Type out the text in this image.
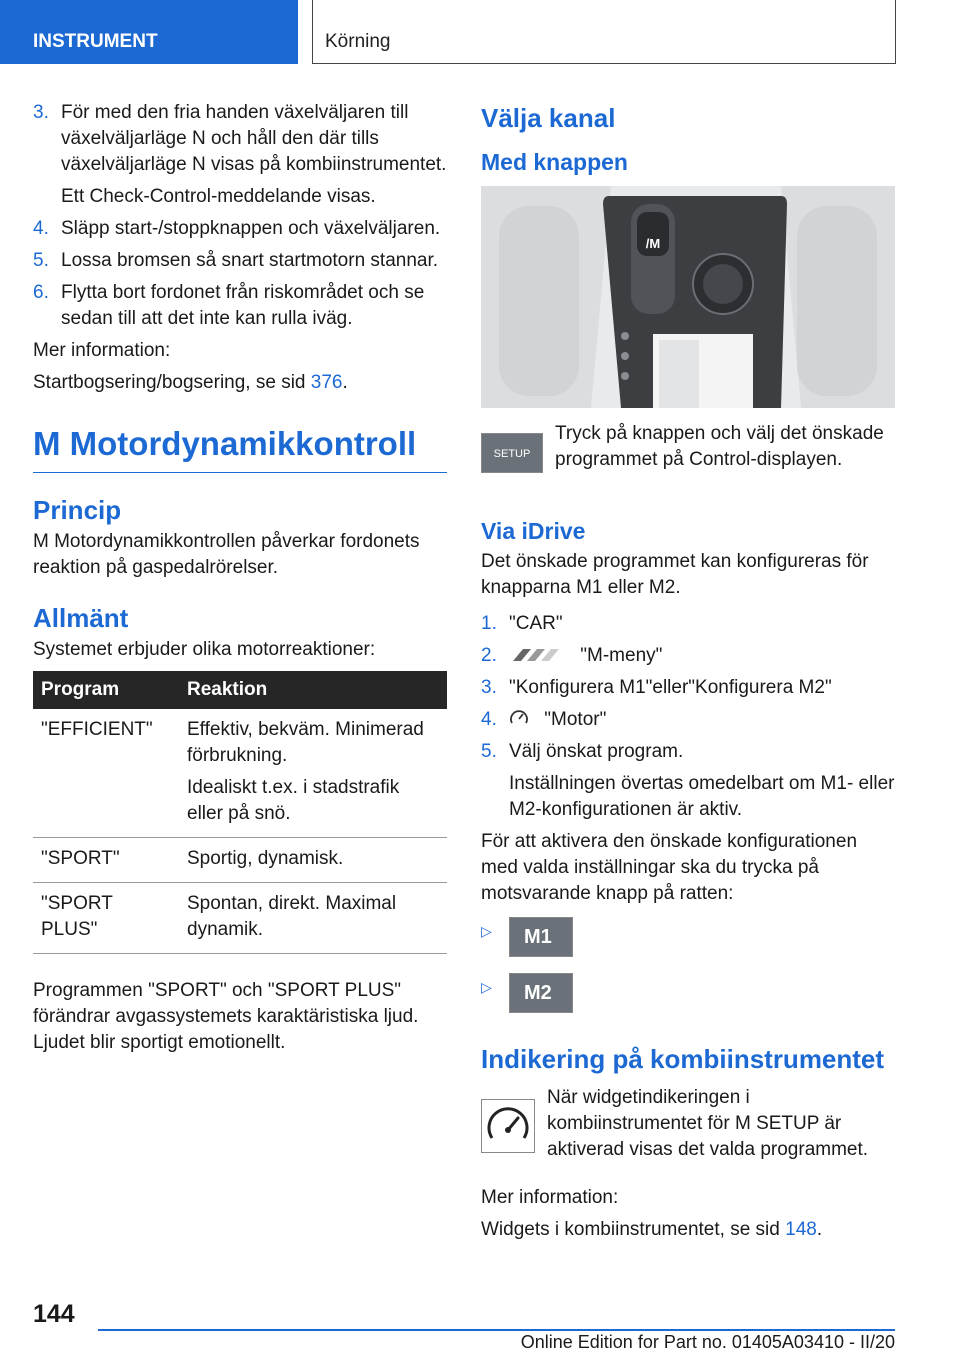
INSTRUMENT	Körning
3. För med den fria handen växelväljaren till växelväljarläge N och håll den där tills växelväljarläge N visas på kombiinstrumentet.
Ett Check-Control-meddelande visas.
4. Släpp start-/stoppknappen och växelväljaren.
5. Lossa bromsen så snart startmotorn stannar.
6. Flytta bort fordonet från riskområdet och se sedan till att det inte kan rulla iväg.

Mer information:

Startbogsering/bogsering, se sid 376.

M Motordynamikkontroll
Princip

M Motordynamikkontrollen påverkar fordonets reaktion på gaspedalrörelser.

Allmänt

Systemet erbjuder olika motorreaktioner:

Program	Reaktion
"EFFICIENT"	Effektiv, bekväm. Minimerad förbrukning.
Idealiskt t.ex. i stadstrafik eller på snö.

"SPORT"	Sportig, dynamisk.
"SPORT PLUS"	Spontan, direkt. Maximal dynamik.

Programmen "SPORT" och "SPORT PLUS" förändrar avgassystemets karaktäristiska ljud. Ljudet blir sportigt emotionellt.

Välja kanal
Med knappen
/M
SETUP

Tryck på knappen och välj det önskade programmet på Control-displayen.

Via iDrive

Det önskade programmet kan konfigureras för knapparna M1 eller M2.

1. "CAR"
2.	"M-meny"
3. "Konfigurera M1"eller"Konfigurera M2"
4. "Motor"
5. Välj önskat program.
Inställningen övertas omedelbart om M1- eller M2-konfigurationen är aktiv.

För att aktivera den önskade konfigurationen med valda inställningar ska du trycka på motsvarande knapp på ratten:

▷ M1
▷ M2
Indikering på kombiinstrumentet

När widgetindikeringen i kombiinstrumentet för M SETUP är aktiverad visas det valda programmet.

Mer information:

Widgets i kombiinstrumentet, se sid 148.

144
Online Edition for Part no. 01405A03410 - II/20
